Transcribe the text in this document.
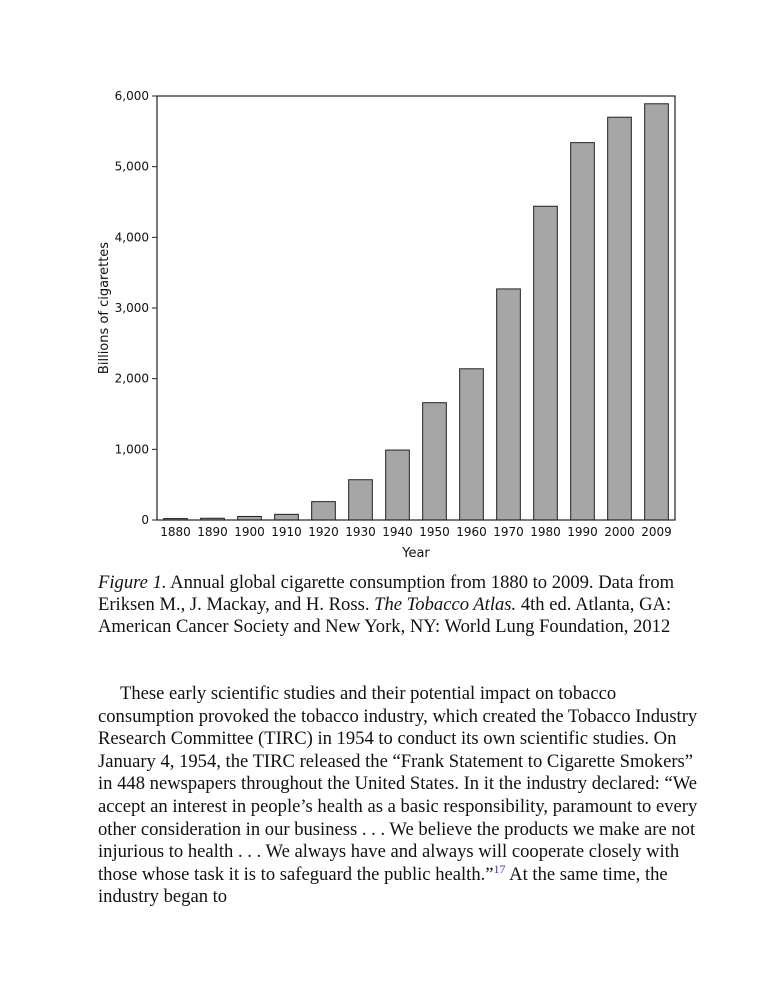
0
1,000
2,000
3,000
4,000
5,000
6,000
1880 1890 1900 1910 1920 1930 1940 1950 1960 1970 1980 1990 2000 2009
Year
Billions of cigarettes

Figure 1. Annual global cigarette consumption from 1880 to 2009. Data from Eriksen M., J. Mackay, and H. Ross. The Tobacco Atlas. 4th ed. Atlanta, GA: American Cancer Society and New York, NY: World Lung Foundation, 2012

These early scientific studies and their potential impact on tobacco consumption provoked the tobacco industry, which created the Tobacco Industry Research Committee (TIRC) in 1954 to conduct its own scientific studies. On January 4, 1954, the TIRC released the “Frank Statement to Cigarette Smokers” in 448 newspapers throughout the United States. In it the industry declared: “We accept an interest in people’s health as a basic responsibility, paramount to every other consideration in our business . . . We believe the products we make are not injurious to health . . . We always have and always will cooperate closely with those whose task it is to safeguard the public health.”$^{17}$ At the same time, the industry began to
